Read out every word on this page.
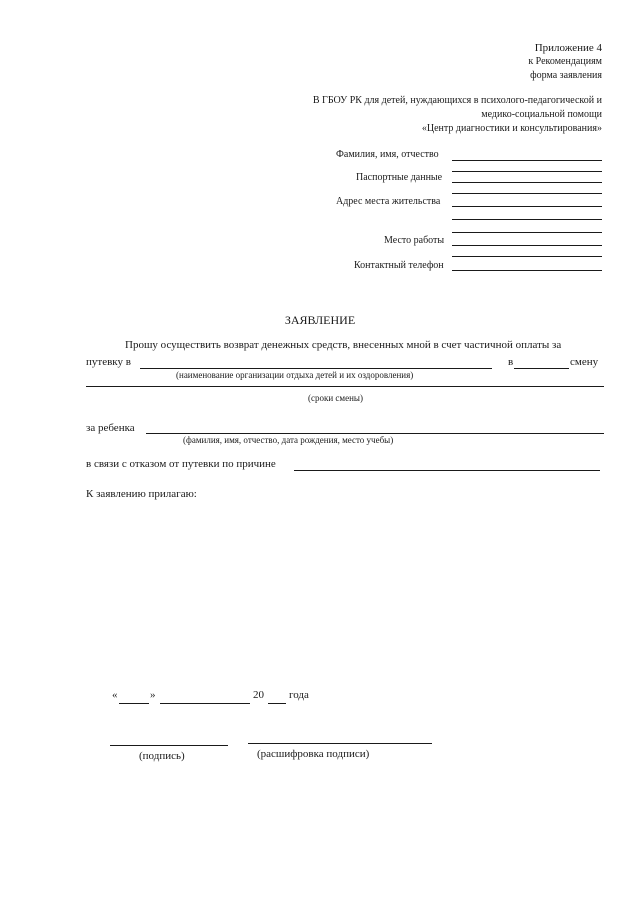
Приложение 4
к Рекомендациям
форма заявления
В ГБОУ РК для детей, нуждающихся в психолого-педагогической и
медико-социальной помощи
«Центр диагностики и консультирования»
Фамилия, имя, отчество
Паспортные данные
Адрес места жительства
Место работы
Контактный телефон
ЗАЯВЛЕНИЕ
Прошу осуществить возврат денежных средств, внесенных мной в счет частичной оплаты за
путевку в	в	смену
(наименование организации отдыха детей и их оздоровления)
(сроки смены)
за ребенка
(фамилия, имя, отчество, дата рождения, место учебы)
в связи с отказом от путевки по причине
К заявлению прилагаю:
«	»	20 года
(подпись)	(расшифровка подписи)
